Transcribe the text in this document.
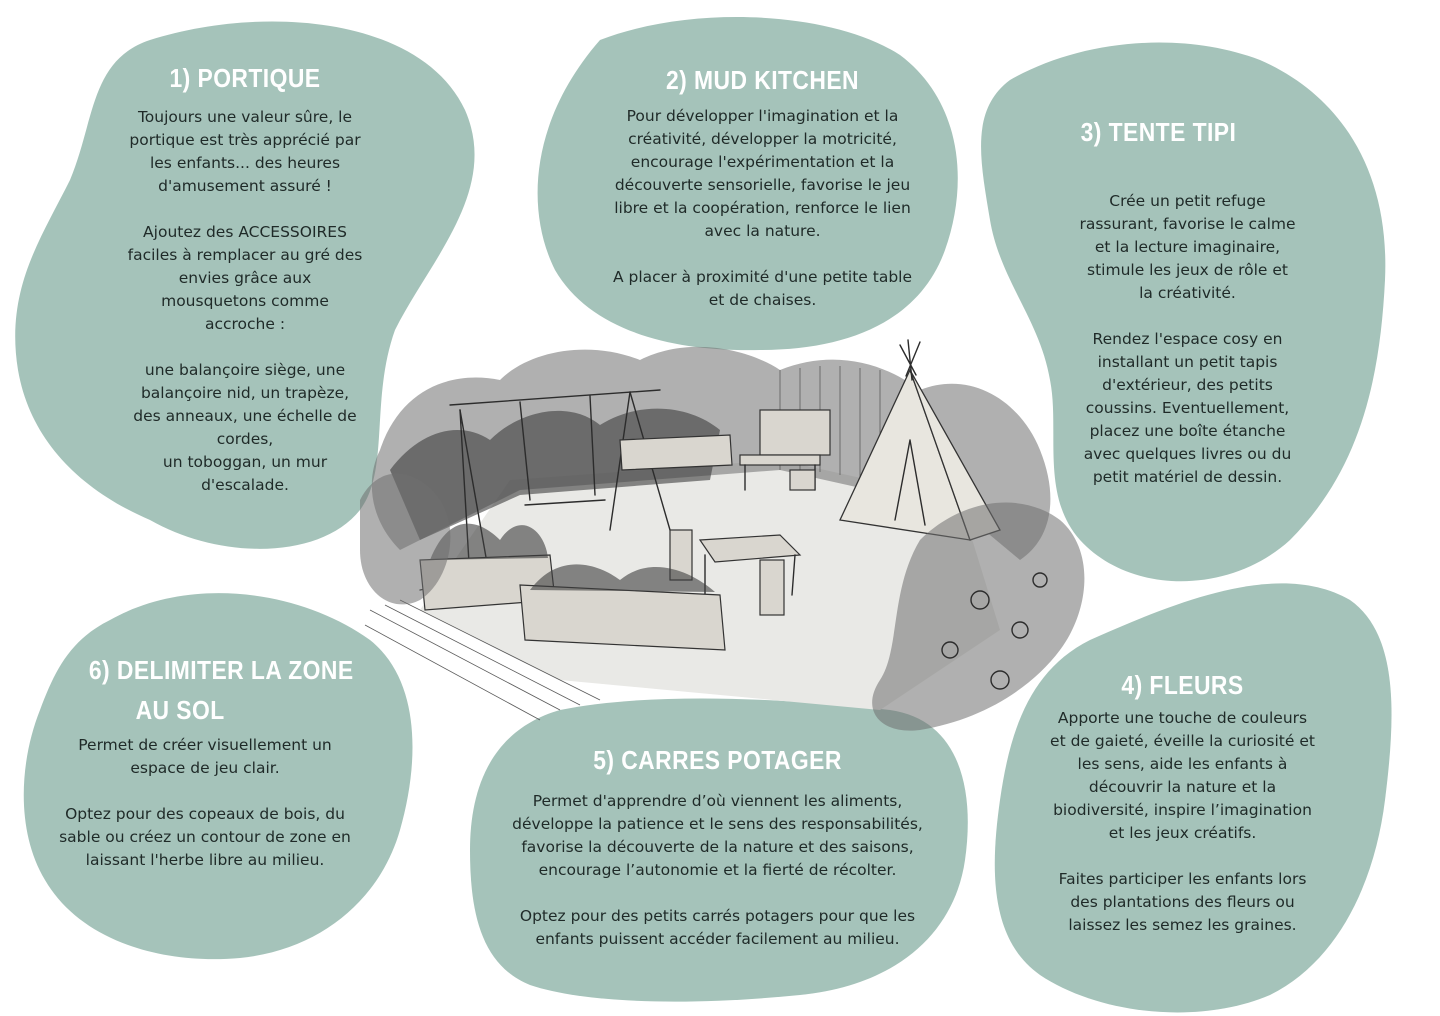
1) PORTIQUE

Toujours une valeur sûre, le
portique est très apprécié par
les enfants... des heures
d'amusement assuré !

Ajoutez des ACCESSOIRES
faciles à remplacer au gré des
envies grâce aux
mousquetons comme
accroche :

une balançoire siège, une
balançoire nid, un trapèze,
des anneaux, une échelle de
cordes,
un toboggan, un mur
d'escalade.

2) MUD KITCHEN

Pour développer l'imagination et la
créativité, développer la motricité,
encourage l'expérimentation et la
découverte sensorielle, favorise le jeu
libre et la coopération, renforce le lien
avec la nature.

A placer à proximité d'une petite table
et de chaises.

3) TENTE TIPI

Crée un petit refuge
rassurant, favorise le calme
et la lecture imaginaire,
stimule les jeux de rôle et
la créativité.

Rendez l'espace cosy en
installant un petit tapis
d'extérieur, des petits
coussins. Eventuellement,
placez une boîte étanche
avec quelques livres ou du
petit matériel de dessin.

4) FLEURS

Apporte une touche de couleurs
et de gaieté, éveille la curiosité et
les sens, aide les enfants à
découvrir la nature et la
biodiversité, inspire l’imagination
et les jeux créatifs.

Faites participer les enfants lors
des plantations des fleurs ou
laissez les semez les graines.

5) CARRES POTAGER

Permet d'apprendre d’où viennent les aliments,
développe la patience et le sens des responsabilités,
favorise la découverte de la nature et des saisons,
encourage l’autonomie et la fierté de récolter.

Optez pour des petits carrés potagers pour que les
enfants puissent accéder facilement au milieu.

6) DELIMITER LA ZONE
AU SOL

Permet de créer visuellement un
espace de jeu clair.

Optez pour des copeaux de bois, du
sable ou créez un contour de zone en
laissant l'herbe libre au milieu.
